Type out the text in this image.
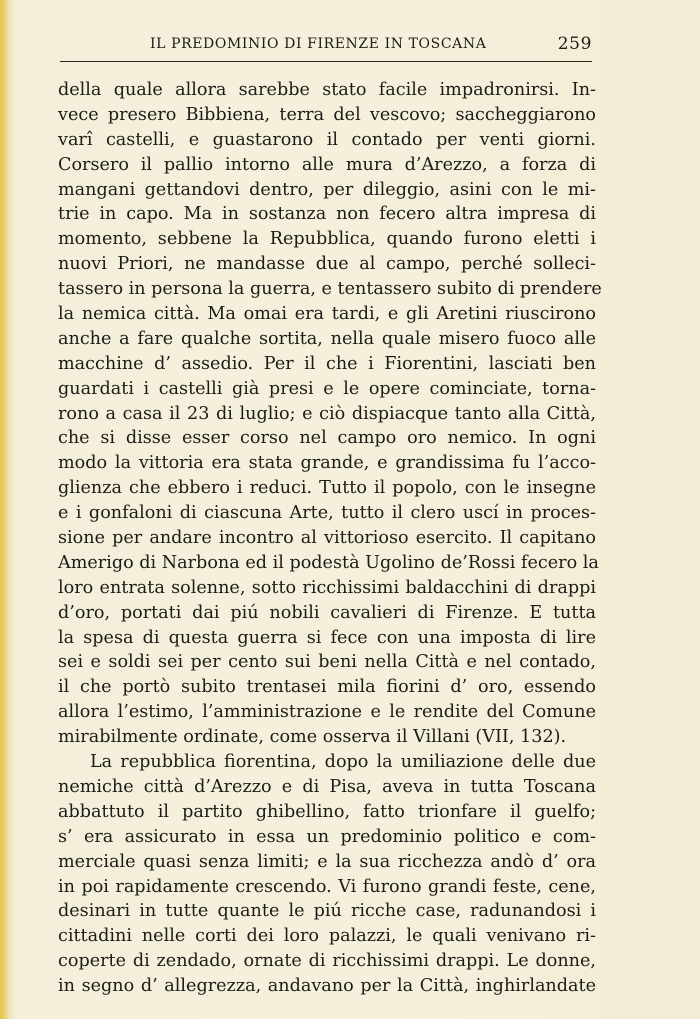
IL PREDOMINIO DI FIRENZE IN TOSCANA	259
della quale allora sarebbe stato facile impadronirsi. In-
vece presero Bibbiena, terra del vescovo; saccheggiarono
varî castelli, e guastarono il contado per venti giorni.
Corsero il pallio intorno alle mura d’Arezzo, a forza di
mangani gettandovi dentro, per dileggio, asini con le mi-
trie in capo. Ma in sostanza non fecero altra impresa di
momento, sebbene la Repubblica, quando furono eletti i
nuovi Priori, ne mandasse due al campo, perché solleci-
tassero in persona la guerra, e tentassero subito di prendere
la nemica città. Ma omai era tardi, e gli Aretini riuscirono
anche a fare qualche sortita, nella quale misero fuoco alle
macchine d’ assedio. Per il che i Fiorentini, lasciati ben
guardati i castelli già presi e le opere cominciate, torna-
rono a casa il 23 di luglio; e ciò dispiacque tanto alla Città,
che si disse esser corso nel campo oro nemico. In ogni
modo la vittoria era stata grande, e grandissima fu l’acco-
glienza che ebbero i reduci. Tutto il popolo, con le insegne
e i gonfaloni di ciascuna Arte, tutto il clero uscí in proces-
sione per andare incontro al vittorioso esercito. Il capitano
Amerigo di Narbona ed il podestà Ugolino de’Rossi fecero la
loro entrata solenne, sotto ricchissimi baldacchini di drappi
d’oro, portati dai piú nobili cavalieri di Firenze. E tutta
la spesa di questa guerra si fece con una imposta di lire
sei e soldi sei per cento sui beni nella Città e nel contado,
il che portò subito trentasei mila fiorini d’ oro, essendo
allora l’estimo, l’amministrazione e le rendite del Comune
mirabilmente ordinate, come osserva il Villani (VII, 132).
La repubblica fiorentina, dopo la umiliazione delle due
nemiche città d’Arezzo e di Pisa, aveva in tutta Toscana
abbattuto il partito ghibellino, fatto trionfare il guelfo;
s’ era assicurato in essa un predominio politico e com-
merciale quasi senza limiti; e la sua ricchezza andò d’ ora
in poi rapidamente crescendo. Vi furono grandi feste, cene,
desinari in tutte quante le piú ricche case, radunandosi i
cittadini nelle corti dei loro palazzi, le quali venivano ri-
coperte di zendado, ornate di ricchissimi drappi. Le donne,
in segno d’ allegrezza, andavano per la Città, inghirlandate
